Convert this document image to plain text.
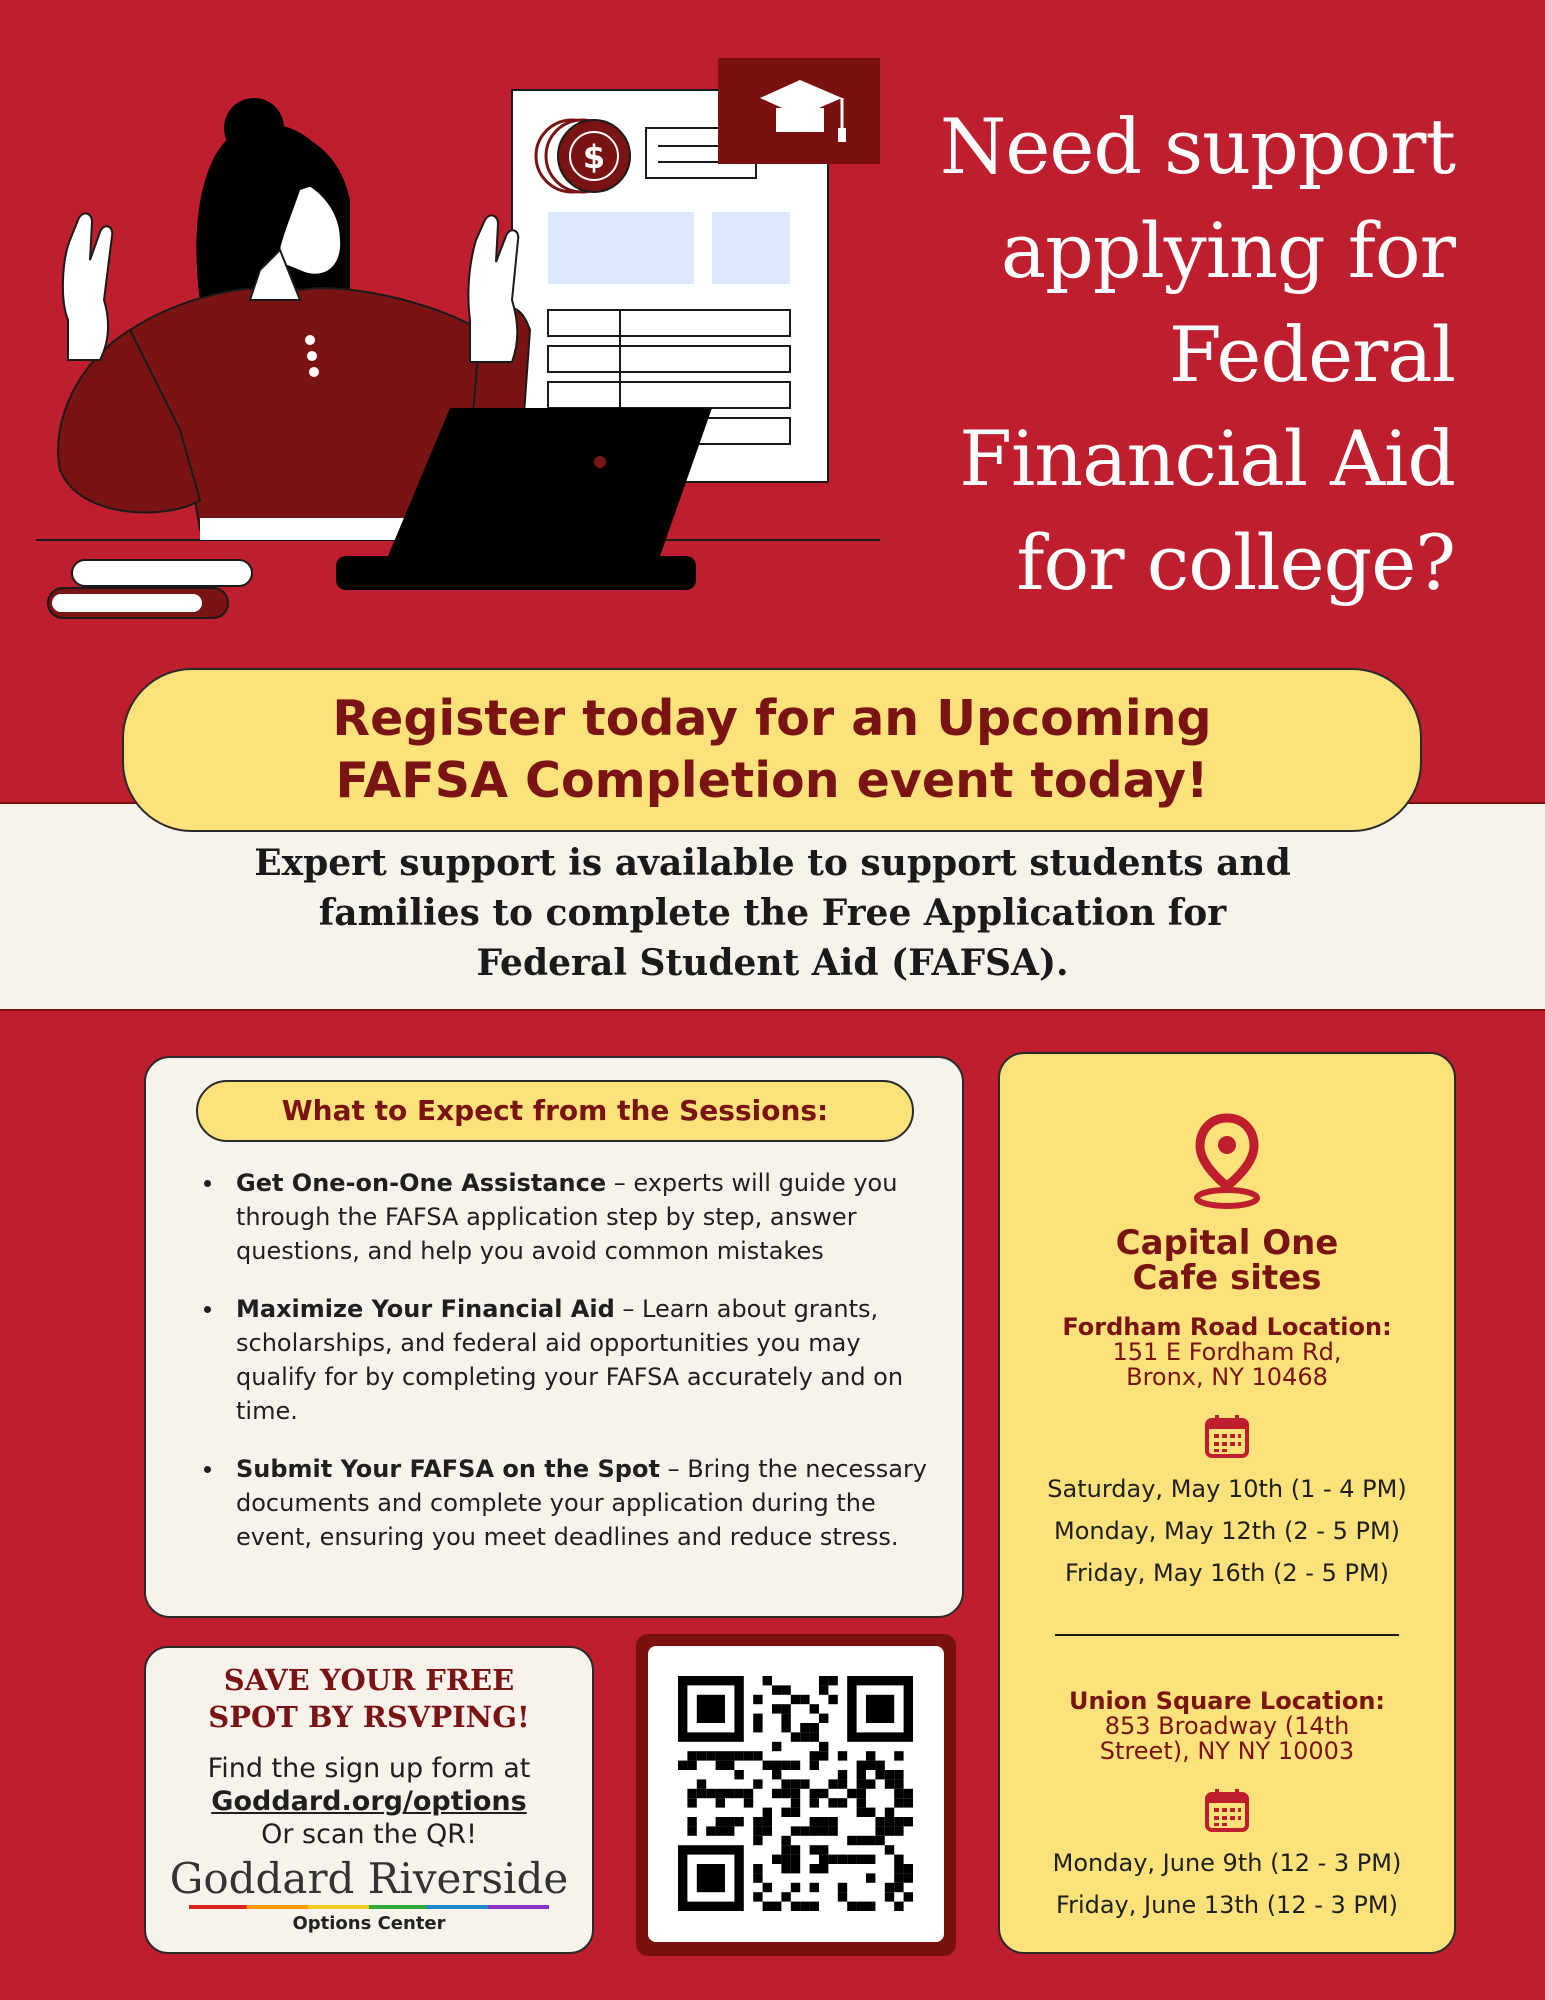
$	Need support
applying for
Federal
Financial Aid
for college?
Expert support is available to support students and
families to complete the Free Application for
Federal Student Aid (FAFSA).
Register today for an Upcoming
FAFSA Completion event today!
What to Expect from the Sessions:
Get One-on-One Assistance – experts will guide you through the FAFSA application step by step, answer questions, and help you avoid common mistakes
Maximize Your Financial Aid – Learn about grants, scholarships, and federal aid opportunities you may qualify for by completing your FAFSA accurately and on time.
Submit Your FAFSA on the Spot – Bring the necessary documents and complete your application during the event, ensuring you meet deadlines and reduce stress.
Capital One
Cafe sites
Fordham Road Location:
151 E Fordham Rd,
Bronx, NY 10468
Saturday, May 10th (1 - 4 PM)
Monday, May 12th (2 - 5 PM)
Friday, May 16th (2 - 5 PM)
Union Square Location:
853 Broadway (14th
Street), NY NY 10003
Monday, June 9th (12 - 3 PM)
Friday, June 13th (12 - 3 PM)
SAVE YOUR FREE
SPOT BY RSVPING!
Find the sign up form at
Goddard.org/options
Or scan the QR!
Goddard Riverside
Options Center
